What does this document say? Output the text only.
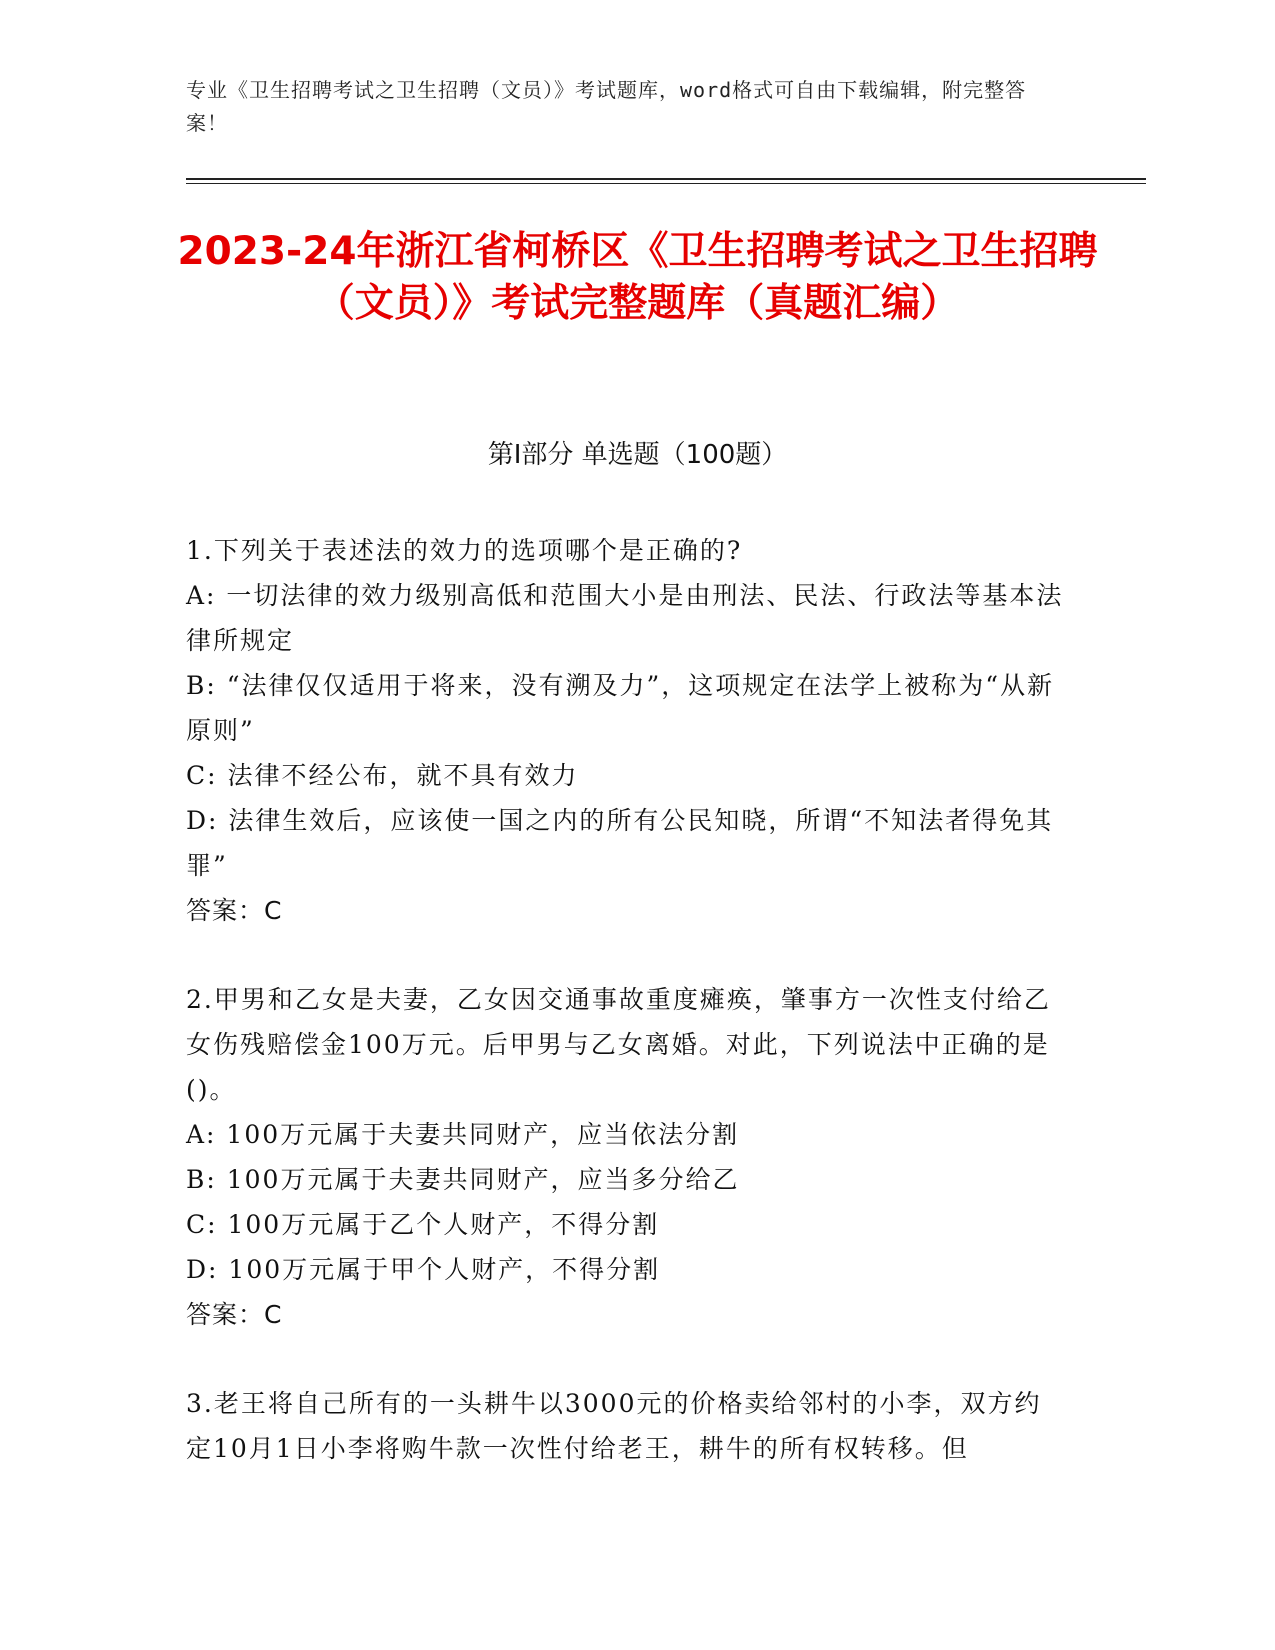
专业《卫生招聘考试之卫生招聘（文员）》考试题库，word格式可自由下载编辑，附完整答案！
2023-24年浙江省柯桥区《卫生招聘考试之卫生招聘（文员）》考试完整题库（真题汇编）
第I部分 单选题（100题）
1.下列关于表述法的效力的选项哪个是正确的?
A: 一切法律的效力级别高低和范围大小是由刑法、民法、行政法等基本法律所规定
B: “法律仅仅适用于将来，没有溯及力”，这项规定在法学上被称为“从新原则”
C: 法律不经公布，就不具有效力
D: 法律生效后，应该使一国之内的所有公民知晓，所谓“不知法者得免其罪”
答案：C
2.甲男和乙女是夫妻，乙女因交通事故重度瘫痪，肇事方一次性支付给乙女伤残赔偿金100万元。后甲男与乙女离婚。对此，下列说法中正确的是()。
A: 100万元属于夫妻共同财产，应当依法分割
B: 100万元属于夫妻共同财产，应当多分给乙
C: 100万元属于乙个人财产，不得分割
D: 100万元属于甲个人财产，不得分割
答案：C
3.老王将自己所有的一头耕牛以3000元的价格卖给邻村的小李，双方约定10月1日小李将购牛款一次性付给老王，耕牛的所有权转移。但
